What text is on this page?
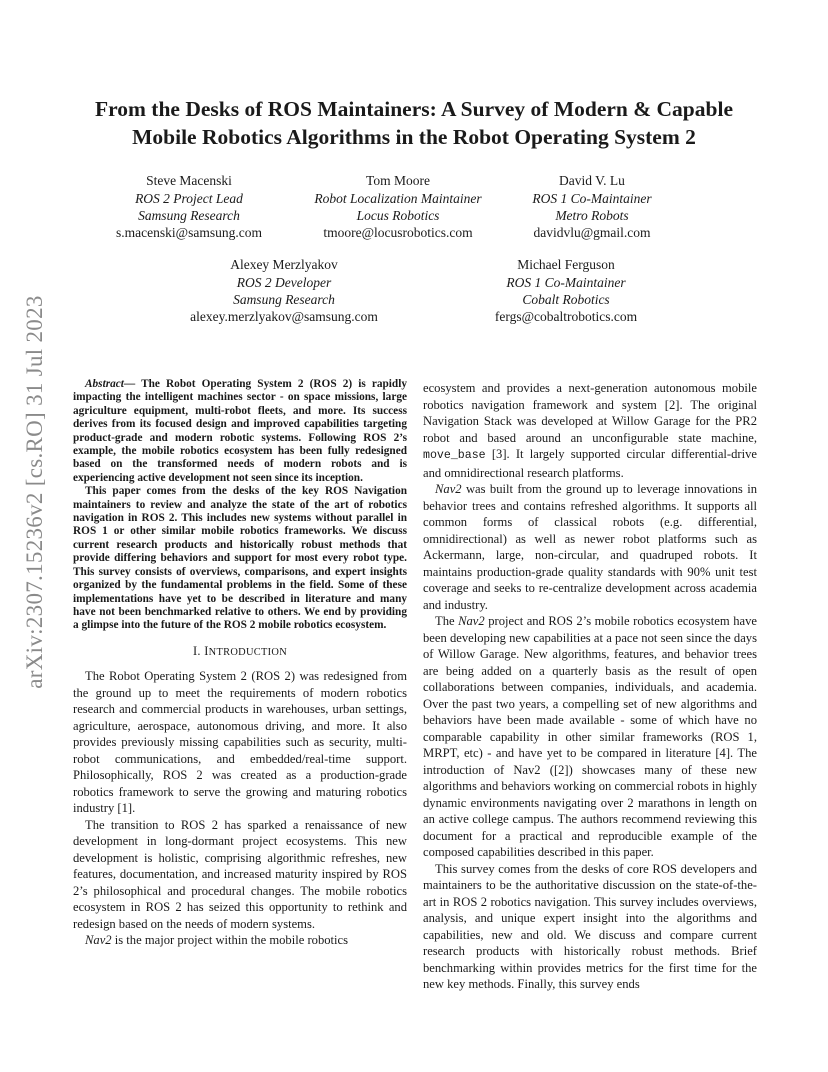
arXiv:2307.15236v2 [cs.RO] 31 Jul 2023
From the Desks of ROS Maintainers: A Survey of Modern & Capable
Mobile Robotics Algorithms in the Robot Operating System 2
Steve Macenski
ROS 2 Project Lead
Samsung Research
s.macenski@samsung.com
Tom Moore
Robot Localization Maintainer
Locus Robotics
tmoore@locusrobotics.com
David V. Lu
ROS 1 Co-Maintainer
Metro Robots
davidvlu@gmail.com
Alexey Merzlyakov
ROS 2 Developer
Samsung Research
alexey.merzlyakov@samsung.com
Michael Ferguson
ROS 1 Co-Maintainer
Cobalt Robotics
fergs@cobaltrobotics.com

Abstract— The Robot Operating System 2 (ROS 2) is rapidly impacting the intelligent machines sector - on space missions, large agriculture equipment, multi-robot fleets, and more. Its success derives from its focused design and improved capabilities targeting product-grade and modern robotic systems. Following ROS 2’s example, the mobile robotics ecosystem has been fully redesigned based on the transformed needs of modern robots and is experiencing active development not seen since its inception.

This paper comes from the desks of the key ROS Navigation maintainers to review and analyze the state of the art of robotics navigation in ROS 2. This includes new systems without parallel in ROS 1 or other similar mobile robotics frameworks. We discuss current research products and historically robust methods that provide differing behaviors and support for most every robot type. This survey consists of overviews, comparisons, and expert insights organized by the fundamental problems in the field. Some of these implementations have yet to be described in literature and many have not been benchmarked relative to others. We end by providing a glimpse into the future of the ROS 2 mobile robotics ecosystem.

I. INTRODUCTION

The Robot Operating System 2 (ROS 2) was redesigned from the ground up to meet the requirements of modern robotics research and commercial products in warehouses, urban settings, agriculture, aerospace, autonomous driving, and more. It also provides previously missing capabilities such as security, multi-robot communications, and embedded/real-time support. Philosophically, ROS 2 was created as a production-grade robotics framework to serve the growing and maturing robotics industry [1].

The transition to ROS 2 has sparked a renaissance of new development in long-dormant project ecosystems. This new development is holistic, comprising algorithmic refreshes, new features, documentation, and increased maturity inspired by ROS 2’s philosophical and procedural changes. The mobile robotics ecosystem in ROS 2 has seized this opportunity to rethink and redesign based on the needs of modern systems.

Nav2 is the major project within the mobile robotics

ecosystem and provides a next-generation autonomous mobile robotics navigation framework and system [2]. The original Navigation Stack was developed at Willow Garage for the PR2 robot and based around an unconfigurable state machine, move_base [3]. It largely supported circular differential-drive and omnidirectional research platforms.

Nav2 was built from the ground up to leverage innovations in behavior trees and contains refreshed algorithms. It supports all common forms of classical robots (e.g. differential, omnidirectional) as well as newer robot platforms such as Ackermann, large, non-circular, and quadruped robots. It maintains production-grade quality standards with 90% unit test coverage and seeks to re-centralize development across academia and industry.

The Nav2 project and ROS 2’s mobile robotics ecosystem have been developing new capabilities at a pace not seen since the days of Willow Garage. New algorithms, features, and behavior trees are being added on a quarterly basis as the result of open collaborations between companies, individuals, and academia. Over the past two years, a compelling set of new algorithms and behaviors have been made available - some of which have no comparable capability in other similar frameworks (ROS 1, MRPT, etc) - and have yet to be compared in literature [4]. The introduction of Nav2 ([2]) showcases many of these new algorithms and behaviors working on commercial robots in highly dynamic environments navigating over 2 marathons in length on an active college campus. The authors recommend reviewing this document for a practical and reproducible example of the composed capabilities described in this paper.

This survey comes from the desks of core ROS developers and maintainers to be the authoritative discussion on the state-of-the-art in ROS 2 robotics navigation. This survey includes overviews, analysis, and unique expert insight into the algorithms and capabilities, new and old. We discuss and compare current research products with historically robust methods. Brief benchmarking within provides metrics for the first time for the new key methods. Finally, this survey ends
